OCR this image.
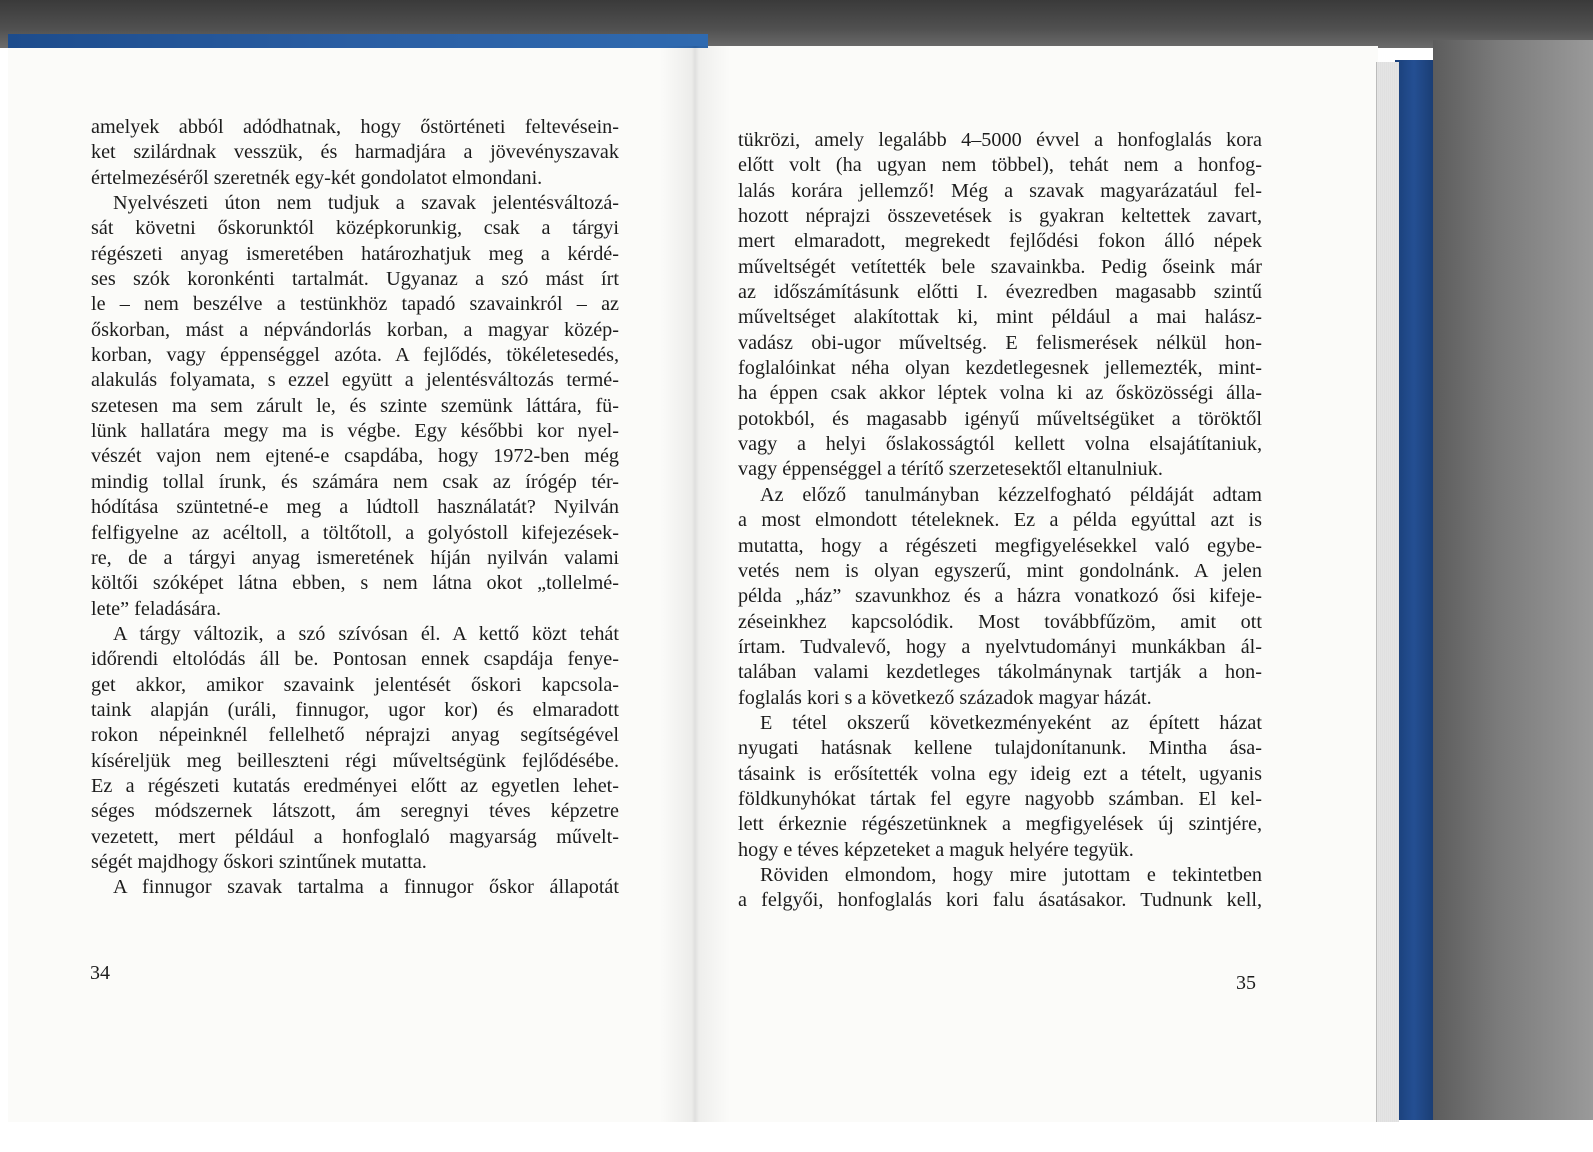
amelyek abból adódhatnak, hogy őstörténeti feltevésein-
ket szilárdnak vesszük, és harmadjára a jövevényszavak
értelmezéséről szeretnék egy-két gondolatot elmondani.
Nyelvészeti úton nem tudjuk a szavak jelentésváltozá-
sát követni őskorunktól középkorunkig, csak a tárgyi
régészeti anyag ismeretében határozhatjuk meg a kérdé-
ses szók koronkénti tartalmát. Ugyanaz a szó mást írt
le – nem beszélve a testünkhöz tapadó szavainkról – az
őskorban, mást a népvándorlás korban, a magyar közép-
korban, vagy éppenséggel azóta. A fejlődés, tökéletesedés,
alakulás folyamata, s ezzel együtt a jelentésváltozás termé-
szetesen ma sem zárult le, és szinte szemünk láttára, fü-
lünk hallatára megy ma is végbe. Egy későbbi kor nyel-
vészét vajon nem ejtené-e csapdába, hogy 1972-ben még
mindig tollal írunk, és számára nem csak az írógép tér-
hódítása szüntetné-e meg a lúdtoll használatát? Nyilván
felfigyelne az acéltoll, a töltőtoll, a golyóstoll kifejezések-
re, de a tárgyi anyag ismeretének híján nyilván valami
költői szóképet látna ebben, s nem látna okot „tollelmé-
lete” feladására.
A tárgy változik, a szó szívósan él. A kettő közt tehát
időrendi eltolódás áll be. Pontosan ennek csapdája fenye-
get akkor, amikor szavaink jelentését őskori kapcsola-
taink alapján (uráli, finnugor, ugor kor) és elmaradott
rokon népeinknél fellelhető néprajzi anyag segítségével
kíséreljük meg beilleszteni régi műveltségünk fejlődésébe.
Ez a régészeti kutatás eredményei előtt az egyetlen lehet-
séges módszernek látszott, ám seregnyi téves képzetre
vezetett, mert például a honfoglaló magyarság művelt-
ségét majdhogy őskori szintűnek mutatta.
A finnugor szavak tartalma a finnugor őskor állapotát
tükrözi, amely legalább 4–5000 évvel a honfoglalás kora
előtt volt (ha ugyan nem többel), tehát nem a honfog-
lalás korára jellemző! Még a szavak magyarázatául fel-
hozott néprajzi összevetések is gyakran keltettek zavart,
mert elmaradott, megrekedt fejlődési fokon álló népek
műveltségét vetítették bele szavainkba. Pedig őseink már
az időszámításunk előtti I. évezredben magasabb szintű
műveltséget alakítottak ki, mint például a mai halász-
vadász obi-ugor műveltség. E felismerések nélkül hon-
foglalóinkat néha olyan kezdetlegesnek jellemezték, mint-
ha éppen csak akkor léptek volna ki az ősközösségi álla-
potokból, és magasabb igényű műveltségüket a töröktől
vagy a helyi őslakosságtól kellett volna elsajátítaniuk,
vagy éppenséggel a térítő szerzetesektől eltanulniuk.
Az előző tanulmányban kézzelfogható példáját adtam
a most elmondott tételeknek. Ez a példa egyúttal azt is
mutatta, hogy a régészeti megfigyelésekkel való egybe-
vetés nem is olyan egyszerű, mint gondolnánk. A jelen
példa „ház” szavunkhoz és a házra vonatkozó ősi kifeje-
zéseinkhez kapcsolódik. Most továbbfűzöm, amit ott
írtam. Tudvalevő, hogy a nyelvtudományi munkákban ál-
talában valami kezdetleges tákolmánynak tartják a hon-
foglalás kori s a következő századok magyar házát.
E tétel okszerű következményeként az épített házat
nyugati hatásnak kellene tulajdonítanunk. Mintha ása-
tásaink is erősítették volna egy ideig ezt a tételt, ugyanis
földkunyhókat tártak fel egyre nagyobb számban. El kel-
lett érkeznie régészetünknek a megfigyelések új szintjére,
hogy e téves képzeteket a maguk helyére tegyük.
Röviden elmondom, hogy mire jutottam e tekintetben
a felgyői, honfoglalás kori falu ásatásakor. Tudnunk kell,
34	35
